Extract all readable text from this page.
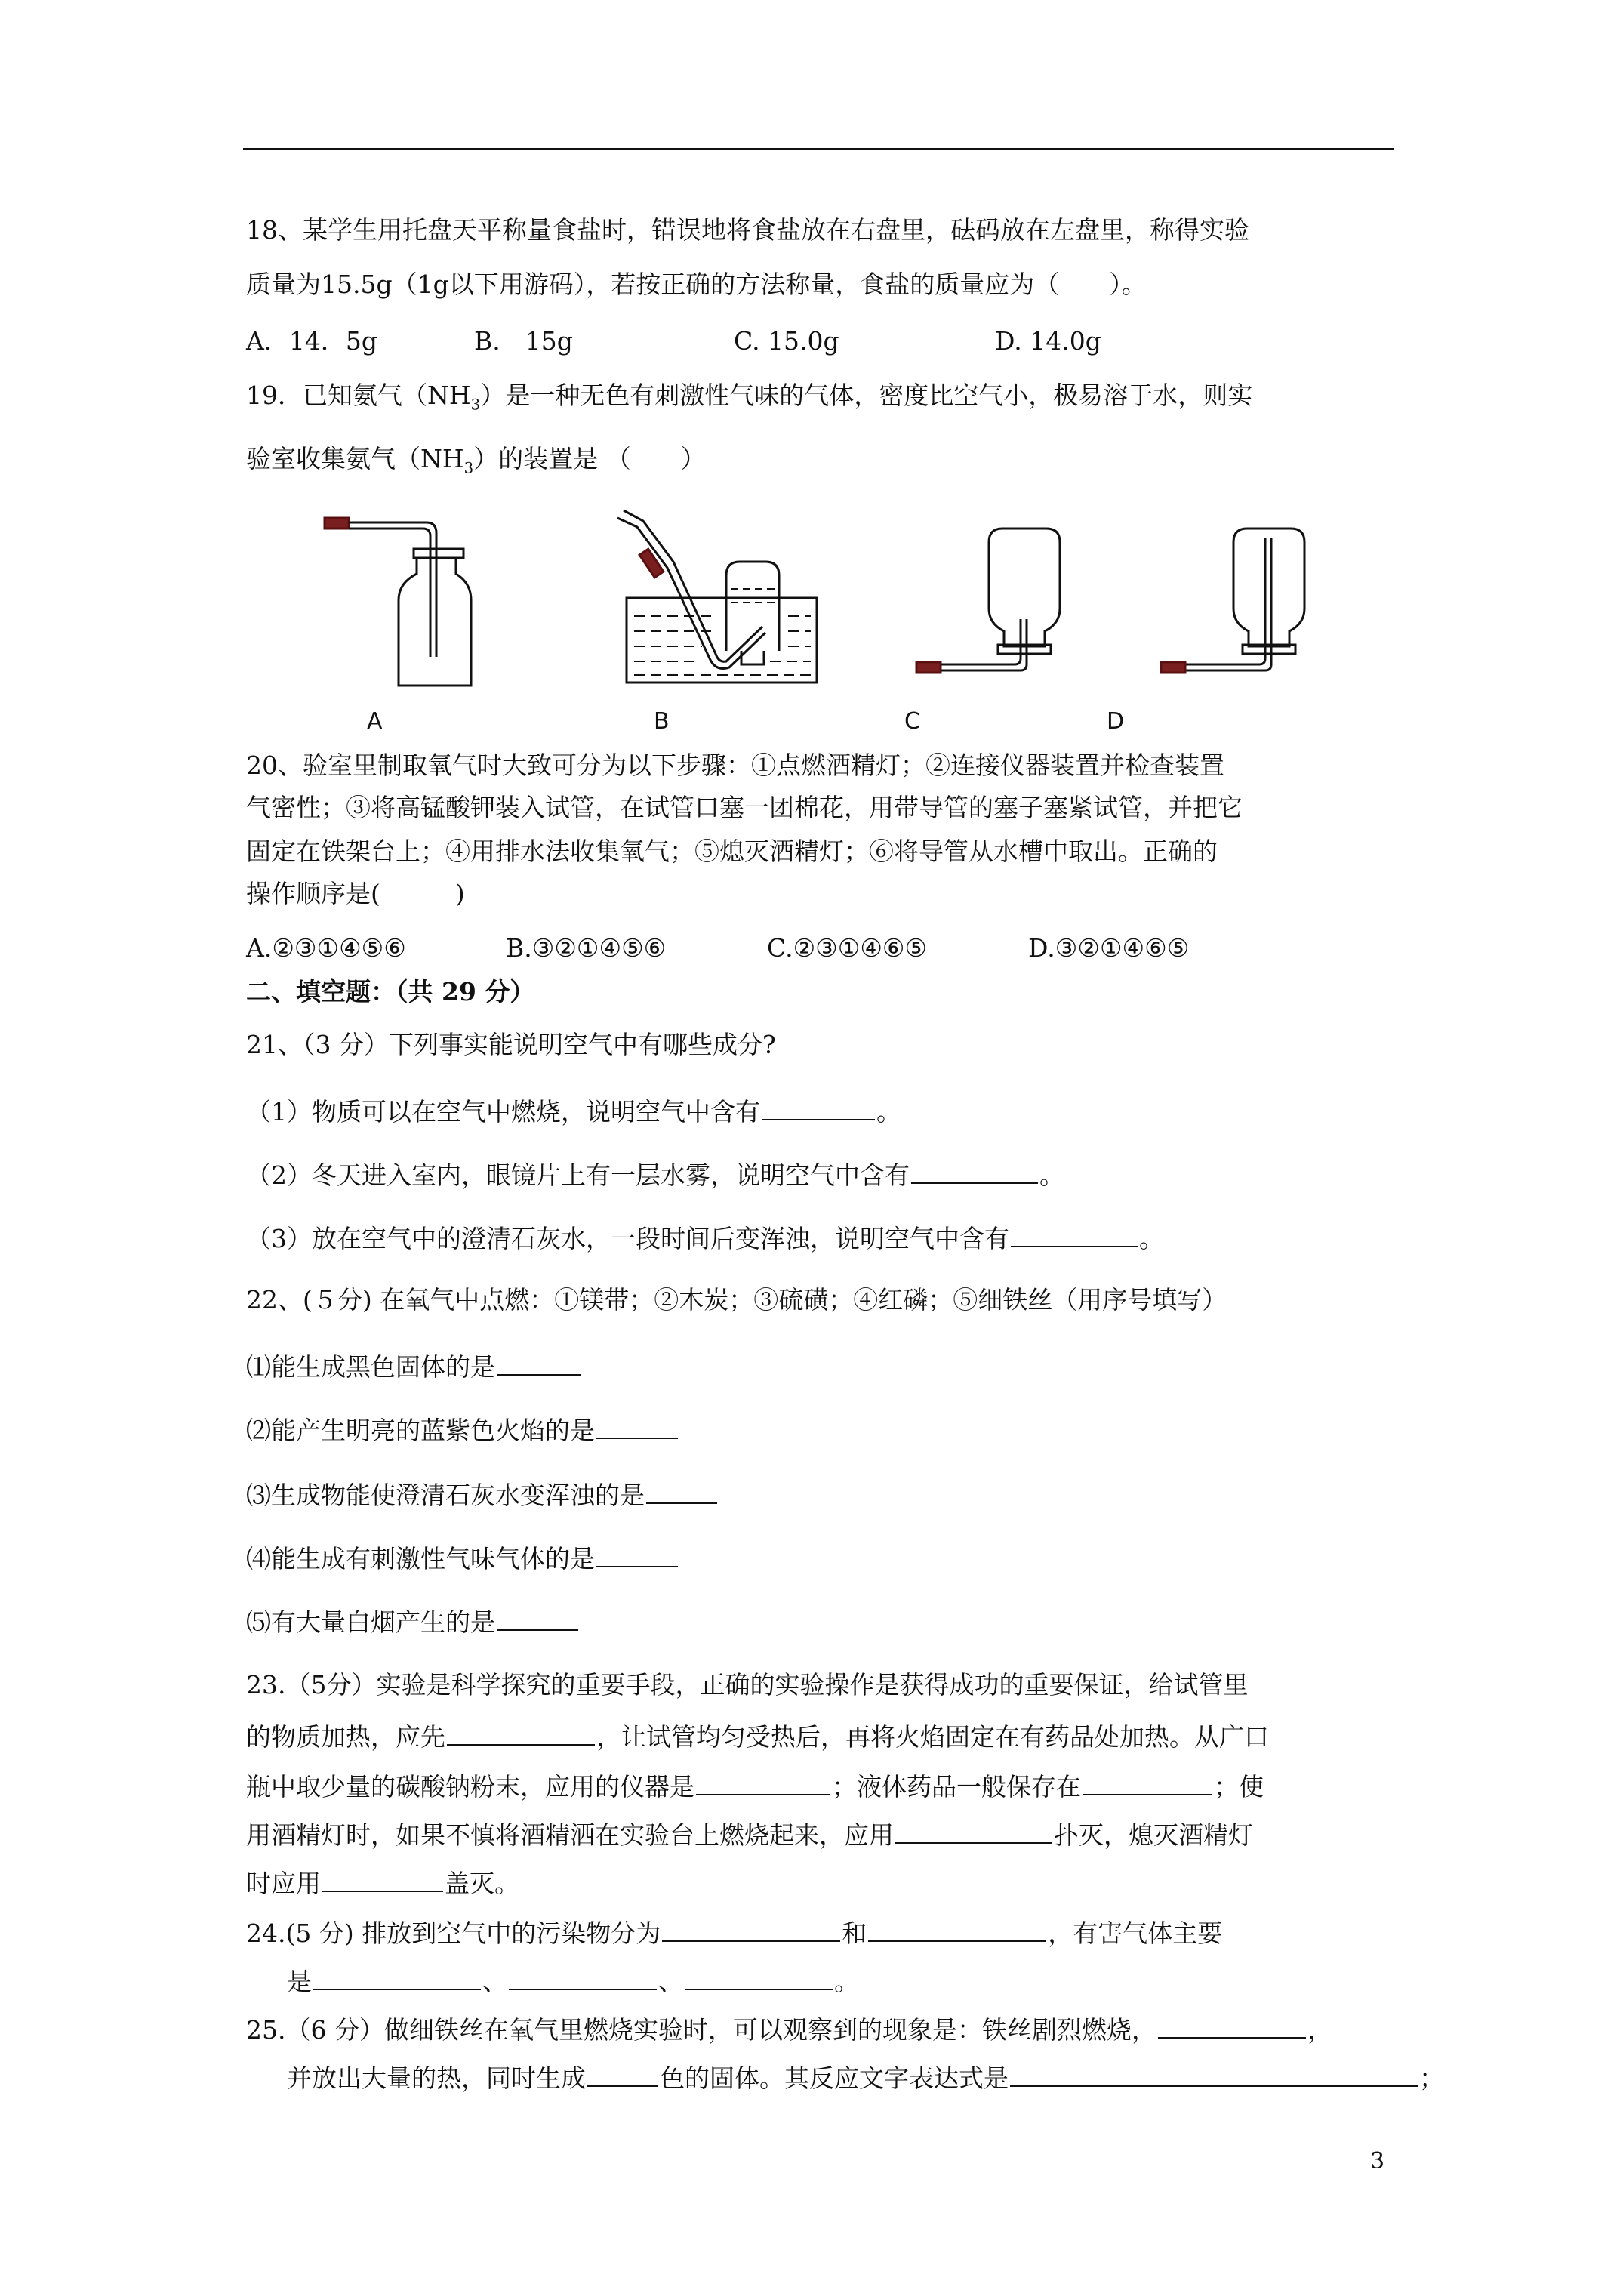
18、某学生用托盘天平称量食盐时，错误地将食盐放在右盘里，砝码放在左盘里，称得实验
质量为15.5g（1g以下用游码），若按正确的方法称量，食盐的质量应为（　　）。
A．14．5g	B.　15g	C. 15.0g	D. 14.0g
19．已知氨气$(NH_3)$是一种无色有刺激性气味的气体，密度比空气小，极易溶于水，则实
验室收集氨气$(NH_3)$的装置是 （　　）
A	B	C	D
20、验室里制取氧气时大致可分为以下步骤：①点燃酒精灯；②连接仪器装置并检查装置
气密性；③将高锰酸钾装入试管，在试管口塞一团棉花，用带导管的塞子塞紧试管，并把它
固定在铁架台上；④用排水法收集氧气；⑤熄灭酒精灯；⑥将导管从水槽中取出。正确的
操作顺序是(　　　)
A.②③①④⑤⑥	B.③②①④⑤⑥	C.②③①④⑥⑤	D.③②①④⑥⑤
二、填空题：（共 29 分）
21、（3 分）下列事实能说明空气中有哪些成分?
（1）物质可以在空气中燃烧，说明空气中含有	。
（2）冬天进入室内，眼镜片上有一层水雾，说明空气中含有	。
（3）放在空气中的澄清石灰水，一段时间后变浑浊，说明空气中含有	。
22、(５分) 在氧气中点燃：①镁带；②木炭；③硫磺；④红磷；⑤细铁丝（用序号填写）
⑴能生成黑色固体的是
⑵能产生明亮的蓝紫色火焰的是
⑶生成物能使澄清石灰水变浑浊的是
⑷能生成有刺激性气味气体的是
⑸有大量白烟产生的是
23.（5分）实验是科学探究的重要手段，正确的实验操作是获得成功的重要保证，给试管里
的物质加热，应先	，让试管均匀受热后，再将火焰固定在有药品处加热。从广口
瓶中取少量的碳酸钠粉末，应用的仪器是	；液体药品一般保存在	；使
用酒精灯时，如果不慎将酒精洒在实验台上燃烧起来，应用	扑灭，熄灭酒精灯
时应用	盖灭。
24.(5 分) 排放到空气中的污染物分为	和	，有害气体主要
是	、	、	。
25.（6 分）做细铁丝在氧气里燃烧实验时，可以观察到的现象是：铁丝剧烈燃烧，	，
并放出大量的热，同时生成	色的固体。其反应文字表达式是	；
3
